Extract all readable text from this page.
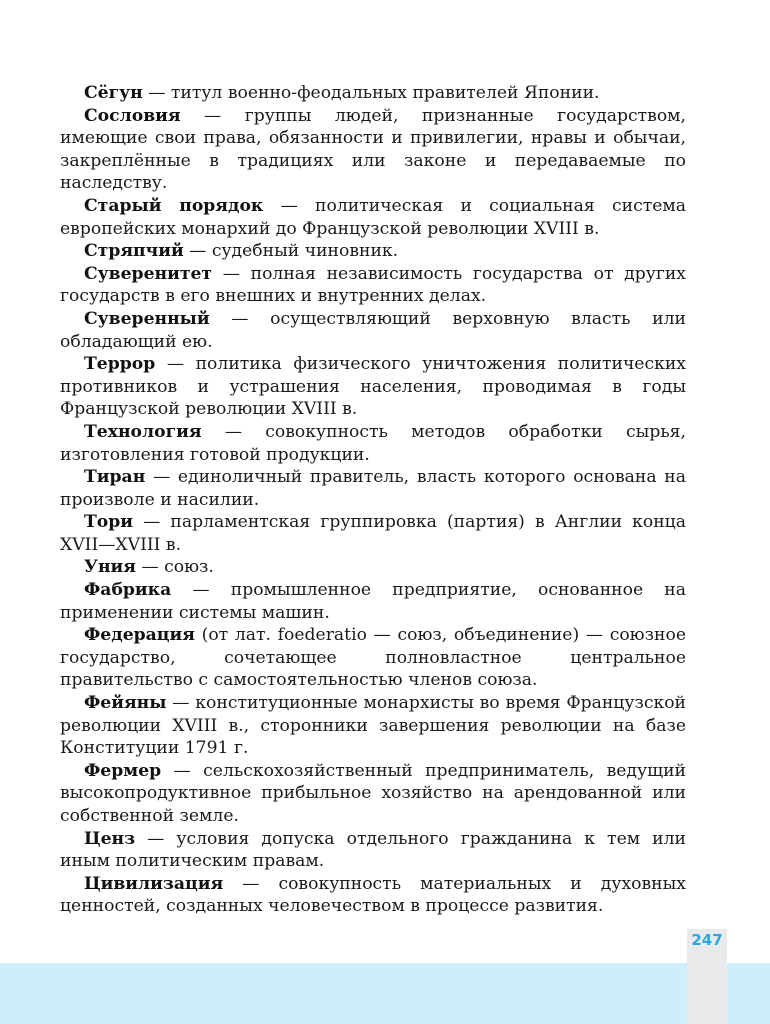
Сёгун — титул военно-феодальных правителей Японии.

Сословия — группы людей, признанные государством, имеющие свои права, обязанности и привилегии, нравы и обычаи, закреплённые в традициях или законе и передаваемые по наследству.

Старый порядок — политическая и социальная система европейских монархий до Французской революции XVIII в.

Стряпчий — судебный чиновник.

Суверенитет — полная независимость государства от других государств в его внешних и внутренних делах.

Суверенный — осуществляющий верховную власть или обладающий ею.

Террор — политика физического уничтожения политических противников и устрашения населения, проводимая в годы Французской революции XVIII в.

Технология — совокупность методов обработки сырья, изготовления готовой продукции.

Тиран — единоличный правитель, власть которого основана на произволе и насилии.

Тори — парламентская группировка (партия) в Англии конца XVII—XVIII в.

Уния — союз.

Фабрика — промышленное предприятие, основанное на применении системы машин.

Федерация (от лат. foederatio — союз, объединение) — союзное государство, сочетающее полновластное центральное правительство с самостоятельностью членов союза.

Фейяны — конституционные монархисты во время Французской революции XVIII в., сторонники завершения революции на базе Конституции 1791 г.

Фермер — сельскохозяйственный предприниматель, ведущий высокопродуктивное прибыльное хозяйство на арендованной или собственной земле.

Ценз — условия допуска отдельного гражданина к тем или иным политическим правам.

Цивилизация — совокупность материальных и духовных ценностей, созданных человечеством в процессе развития.

247
